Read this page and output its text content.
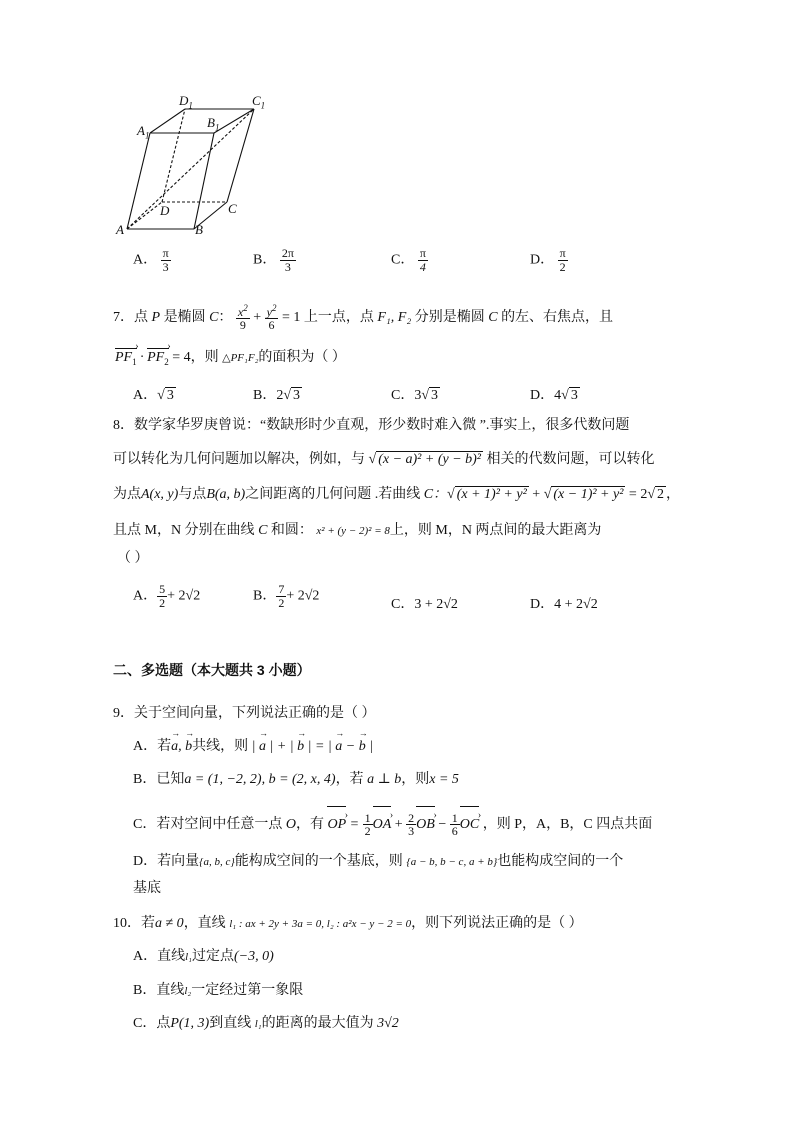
$D_1$	$C_1$
$A_1$
$B_1$
D	C
A	B
A． $\frac{\pi}{3}$	B． $\frac{2\pi}{3}$	C． $\frac{\pi}{4}$	D． $\frac{\pi}{2}$
7．点 P 是椭圆 C： $\frac{x^2}{9} + \frac{y^2}{6} = 1$ 上一点，点 F₁, F₂ 分别是椭圆 C 的左、右焦点，且
$PF_1$ › · $PF_2$ › = 4，则 △PF₁F₂的面积为（ ）
A．√ 3	B．2√ 3	C．3√ 3	D．4√ 3
8．数学家华罗庚曾说：“数缺形时少直观，形少数时难入微 ”.事实上，很多代数问题
可以转化为几何问题加以解决，例如，与 √ (x − a)² + (y − b)² 相关的代数问题，可以转化
为点A(x, y)与点B(a, b)之间距离的几何问题 .若曲线 C：√ (x + 1)² + y² + √ (x − 1)² + y² = 2√ 2 ，
且点 M，N 分别在曲线 C 和圆： x² + (y − 2)² = 8上，则 M，N 两点间的最大距离为
（ ）
A． $\frac{5}{2} + 2√2$	B． $\frac{7}{2} + 2√2$
C．3 + 2√2	D．4 + 2√2
二、多选题（本大题共 3 小题）
9．关于空间向量，下列说法正确的是（ ）
A．若→ a, → b共线，则 | → a | + | → b | = | → a − → b |
B．已知a = (1, −2, 2), b = (2, x, 4)，若 a ⊥ b，则x = 5
C．若对空间中任意一点 O，有 OP › = $\frac{1}{2}$ OA › + $\frac{2}{3}$ OB › − $\frac{1}{6}$ OC › ，则 P，A，B，C 四点共面
D．若向量{a, b, c}能构成空间的一个基底，则 {a − b, b − c, a + b}也能构成空间的一个
基底
10．若a ≠ 0，直线 l₁ : ax + 2y + 3a = 0, l₂ : a²x − y − 2 = 0，则下列说法正确的是（ ）
A．直线l₁过定点(−3, 0)
B．直线l₂一定经过第一象限
C．点P(1, 3)到直线 l₁的距离的最大值为 3√2
